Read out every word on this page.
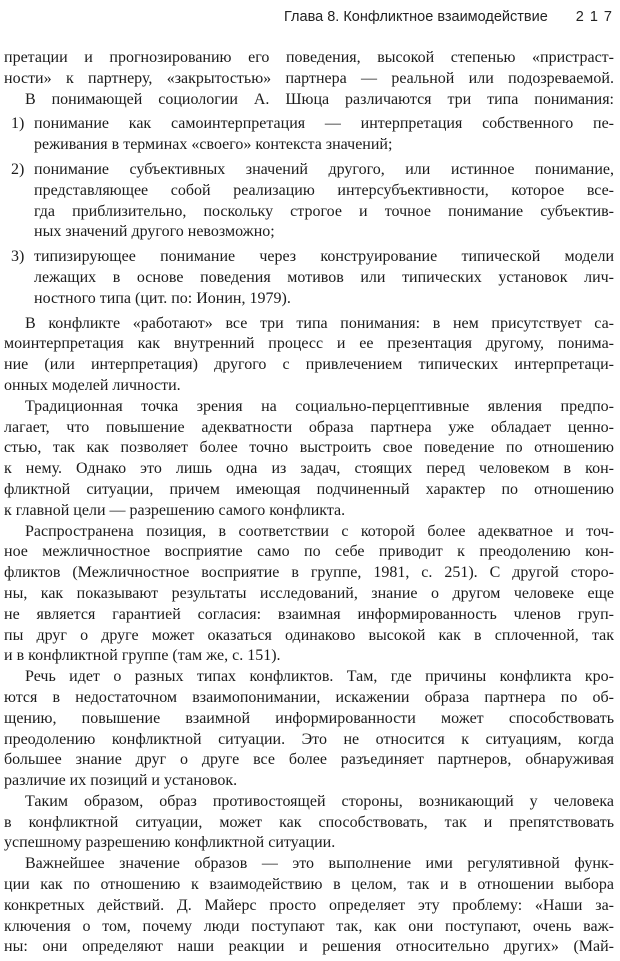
Глава 8. Конфликтное взаимодействие 217
претации и прогнозированию его поведения, высокой степенью «пристраст-
ности» к партнеру, «закрытостью» партнера — реальной или подозреваемой.
В понимающей социологии А. Шюца различаются три типа понимания:
1) понимание как самоинтерпретация — интерпретация собственного пе-
реживания в терминах «своего» контекста значений;
2) понимание субъективных значений другого, или истинное понимание,
представляющее собой реализацию интерсубъективности, которое все-
гда приблизительно, поскольку строгое и точное понимание субъектив-
ных значений другого невозможно;
3) типизирующее понимание через конструирование типической модели
лежащих в основе поведения мотивов или типических установок лич-
ностного типа (цит. по: Ионин, 1979).
В конфликте «работают» все три типа понимания: в нем присутствует са-
моинтерпретация как внутренний процесс и ее презентация другому, понима-
ние (или интерпретация) другого с привлечением типических интерпретаци-
онных моделей личности.
Традиционная точка зрения на социально-перцептивные явления предпо-
лагает, что повышение адекватности образа партнера уже обладает ценно-
стью, так как позволяет более точно выстроить свое поведение по отношению
к нему. Однако это лишь одна из задач, стоящих перед человеком в кон-
фликтной ситуации, причем имеющая подчиненный характер по отношению
к главной цели — разрешению самого конфликта.
Распространена позиция, в соответствии с которой более адекватное и точ-
ное межличностное восприятие само по себе приводит к преодолению кон-
фликтов (Межличностное восприятие в группе, 1981, с. 251). С другой сторо-
ны, как показывают результаты исследований, знание о другом человеке еще
не является гарантией согласия: взаимная информированность членов груп-
пы друг о друге может оказаться одинаково высокой как в сплоченной, так
и в конфликтной группе (там же, с. 151).
Речь идет о разных типах конфликтов. Там, где причины конфликта кро-
ются в недостаточном взаимопонимании, искажении образа партнера по об-
щению, повышение взаимной информированности может способствовать
преодолению конфликтной ситуации. Это не относится к ситуациям, когда
большее знание друг о друге все более разъединяет партнеров, обнаруживая
различие их позиций и установок.
Таким образом, образ противостоящей стороны, возникающий у человека
в конфликтной ситуации, может как способствовать, так и препятствовать
успешному разрешению конфликтной ситуации.
Важнейшее значение образов — это выполнение ими регулятивной функ-
ции как по отношению к взаимодействию в целом, так и в отношении выбора
конкретных действий. Д. Майерс просто определяет эту проблему: «Наши за-
ключения о том, почему люди поступают так, как они поступают, очень важ-
ны: они определяют наши реакции и решения относительно других» (Май-
